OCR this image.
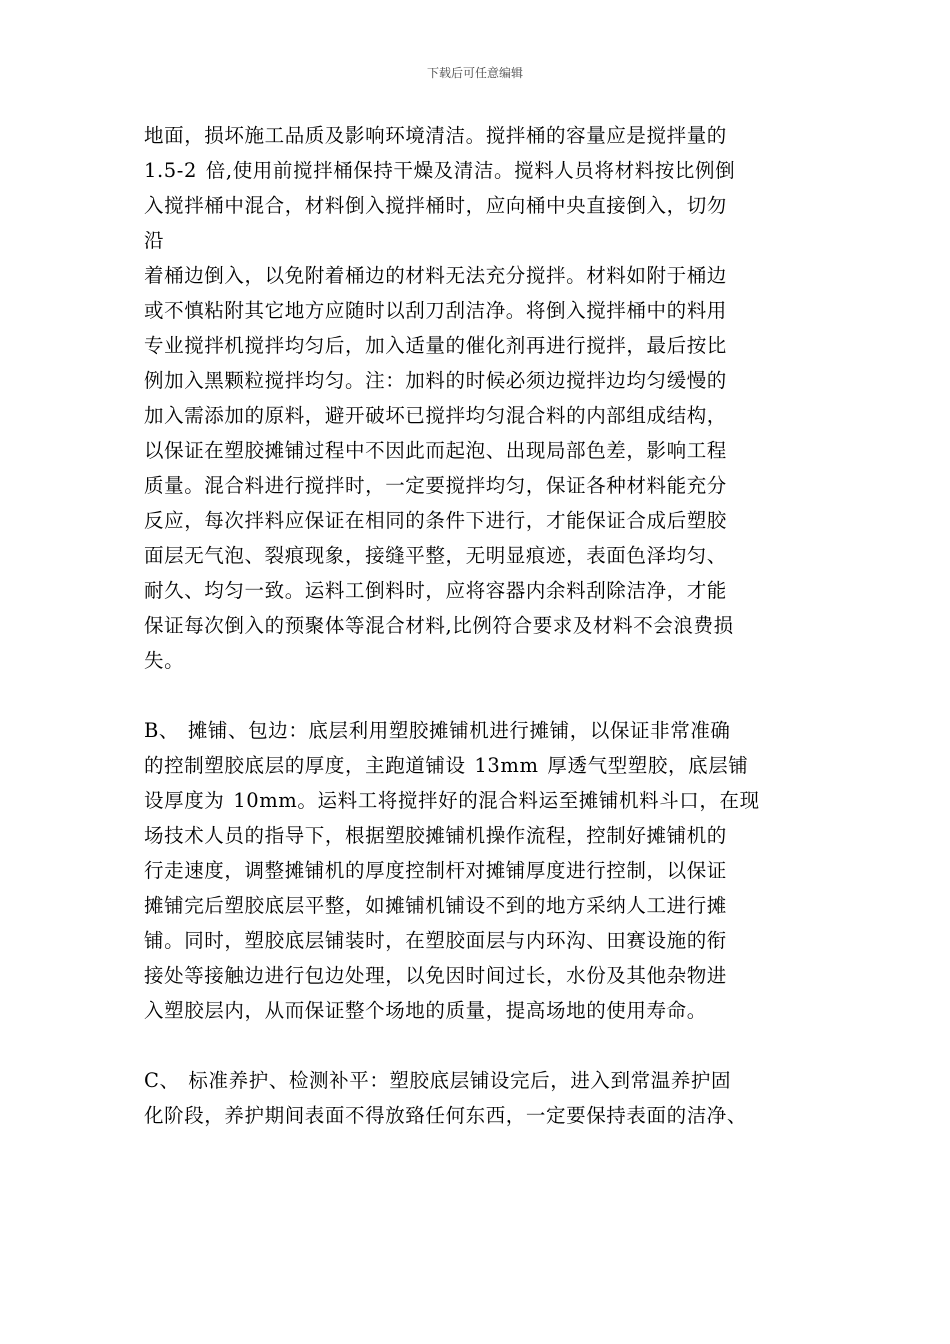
下载后可任意编辑
地面，损坏施工品质及影响环境清洁。搅拌桶的容量应是搅拌量的
1.5-2 倍,使用前搅拌桶保持干燥及清洁。搅料人员将材料按比例倒
入搅拌桶中混合，材料倒入搅拌桶时，应向桶中央直接倒入，切勿
沿
着桶边倒入，以免附着桶边的材料无法充分搅拌。材料如附于桶边
或不慎粘附其它地方应随时以刮刀刮洁净。将倒入搅拌桶中的料用
专业搅拌机搅拌均匀后，加入适量的催化剂再进行搅拌，最后按比
例加入黑颗粒搅拌均匀。注：加料的时候必须边搅拌边均匀缓慢的
加入需添加的原料，避开破坏已搅拌均匀混合料的内部组成结构，
以保证在塑胶摊铺过程中不因此而起泡、出现局部色差，影响工程
质量。混合料进行搅拌时，一定要搅拌均匀，保证各种材料能充分
反应，每次拌料应保证在相同的条件下进行，才能保证合成后塑胶
面层无气泡、裂痕现象，接缝平整，无明显痕迹，表面色泽均匀、
耐久、均匀一致。运料工倒料时，应将容器内余料刮除洁净，才能
保证每次倒入的预聚体等混合材料,比例符合要求及材料不会浪费损
失。
B、 摊铺、包边：底层利用塑胶摊铺机进行摊铺，以保证非常准确
的控制塑胶底层的厚度，主跑道铺设 13mm 厚透气型塑胶，底层铺
设厚度为 10mm。运料工将搅拌好的混合料运至摊铺机料斗口，在现
场技术人员的指导下，根据塑胶摊铺机操作流程，控制好摊铺机的
行走速度，调整摊铺机的厚度控制杆对摊铺厚度进行控制，以保证
摊铺完后塑胶底层平整，如摊铺机铺设不到的地方采纳人工进行摊
铺。同时，塑胶底层铺装时，在塑胶面层与内环沟、田赛设施的衔
接处等接触边进行包边处理，以免因时间过长，水份及其他杂物进
入塑胶层内，从而保证整个场地的质量，提高场地的使用寿命。
C、 标准养护、检测补平：塑胶底层铺设完后，进入到常温养护固
化阶段，养护期间表面不得放臵任何东西，一定要保持表面的洁净、
